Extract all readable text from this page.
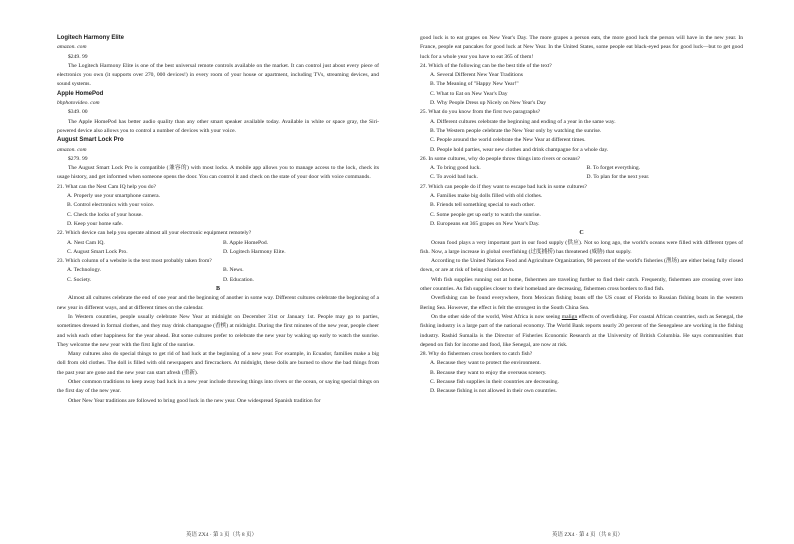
Logitech Harmony Elite

amazon. com

$249. 99

The Logitech Harmony Elite is one of the best universal remote controls available on the market. It can control just about every piece of electronics you own (it supports over 270, 000 devices!) in every room of your house or apartment, including TVs, streaming devices, and sound systems.

Apple HomePod

bhphotovideo. com

$349. 00

The Apple HomePod has better audio quality than any other smart speaker available today. Available in white or space gray, the Siri-powered device also allows you to control a number of devices with your voice.

August Smart Lock Pro

amazon. com

$279. 99

The August Smart Lock Pro is compatible (兼容的) with most locks. A mobile app allows you to manage access to the lock, check its usage history, and get informed when someone opens the door. You can control it and check on the state of your door with voice commands.

21. What can the Nest Cam IQ help you do?

A. Properly use your smartphone camera.

B. Control electronics with your voice.

C. Check the locks of your house.

D. Keep your home safe.

22. Which device can help you operate almost all your electronic equipment remotely?

A. Nest Cam IQ.	B. Apple HomePod.
C. August Smart Lock Pro.	D. Logitech Harmony Elite.

23. Which column of a website is the text most probably taken from?

A. Technology.	B. News.
C. Society.	D. Education.

B

Almost all cultures celebrate the end of one year and the beginning of another in some way. Different cultures celebrate the beginning of a new year in different ways, and at different times on the calendar.

In Western countries, people usually celebrate New Year at midnight on December 31st or January 1st. People may go to parties, sometimes dressed in formal clothes, and they may drink champagne (香槟) at midnight. During the first minutes of the new year, people cheer and wish each other happiness for the year ahead. But some cultures prefer to celebrate the new year by waking up early to watch the sunrise. They welcome the new year with the first light of the sunrise.

Many cultures also do special things to get rid of bad luck at the beginning of a new year. For example, in Ecuador, families make a big doll from old clothes. The doll is filled with old newspapers and firecrackers. At midnight, these dolls are burned to show the bad things from the past year are gone and the new year can start afresh (重新).

Other common traditions to keep away bad luck in a new year include throwing things into rivers or the ocean, or saying special things on the first day of the new year.

Other New Year traditions are followed to bring good luck in the new year. One widespread Spanish tradition for

英语 ZX4 · 第 3 页（共 8 页）

good luck is to eat grapes on New Year's Day. The more grapes a person eats, the more good luck the person will have in the new year. In France, people eat pancakes for good luck at New Year. In the United States, some people eat black-eyed peas for good luck—but to get good luck for a whole year you have to eat 365 of them!

24. Which of the following can be the best title of the text?

A. Several Different New Year Traditions

B. The Meaning of "Happy New Year!"

C. What to Eat on New Year's Day

D. Why People Dress up Nicely on New Year's Day

25. What do you know from the first two paragraphs?

A. Different cultures celebrate the beginning and ending of a year in the same way.

B. The Western people celebrate the New Year only by watching the sunrise.

C. People around the world celebrate the New Year at different times.

D. People hold parties, wear new clothes and drink champagne for a whole day.

26. In some cultures, why do people throw things into rivers or oceans?

A. To bring good luck.	B. To forget everything.
C. To avoid bad luck.	D. To plan for the next year.

27. Which can people do if they want to escape bad luck in some cultures?

A. Families make big dolls filled with old clothes.

B. Friends tell something special to each other.

C. Some people get up early to watch the sunrise.

D. Europeans eat 365 grapes on New Year's Day.

C

Ocean food plays a very important part in our food supply (供应). Not so long ago, the world's oceans were filled with different types of fish. Now, a large increase in global overfishing (过度捕捞) has threatened (威胁) that supply.

According to the United Nations Food and Agriculture Organization, 90 percent of the world's fisheries (渔场) are either being fully closed down, or are at risk of being closed down.

With fish supplies running out at home, fishermen are traveling further to find their catch. Frequently, fishermen are crossing over into other countries. As fish supplies closer to their homeland are decreasing, fishermen cross borders to find fish.

Overfishing can be found everywhere, from Mexican fishing boats off the US coast of Florida to Russian fishing boats in the western Bering Sea. However, the effect is felt the strongest in the South China Sea.

On the other side of the world, West Africa is now seeing malign effects of overfishing. For coastal African countries, such as Senegal, the fishing industry is a large part of the national economy. The World Bank reports nearly 20 percent of the Senegalese are working in the fishing industry. Rashid Sumaila is the Director of Fisheries Economic Research at the University of British Columbia. He says communities that depend on fish for income and food, like Senegal, are now at risk.

28. Why do fishermen cross borders to catch fish?

A. Because they want to protect the environment.

B. Because they want to enjoy the overseas scenery.

C. Because fish supplies in their countries are decreasing.

D. Because fishing is not allowed in their own countries.

英语 ZX4 · 第 4 页（共 8 页）
